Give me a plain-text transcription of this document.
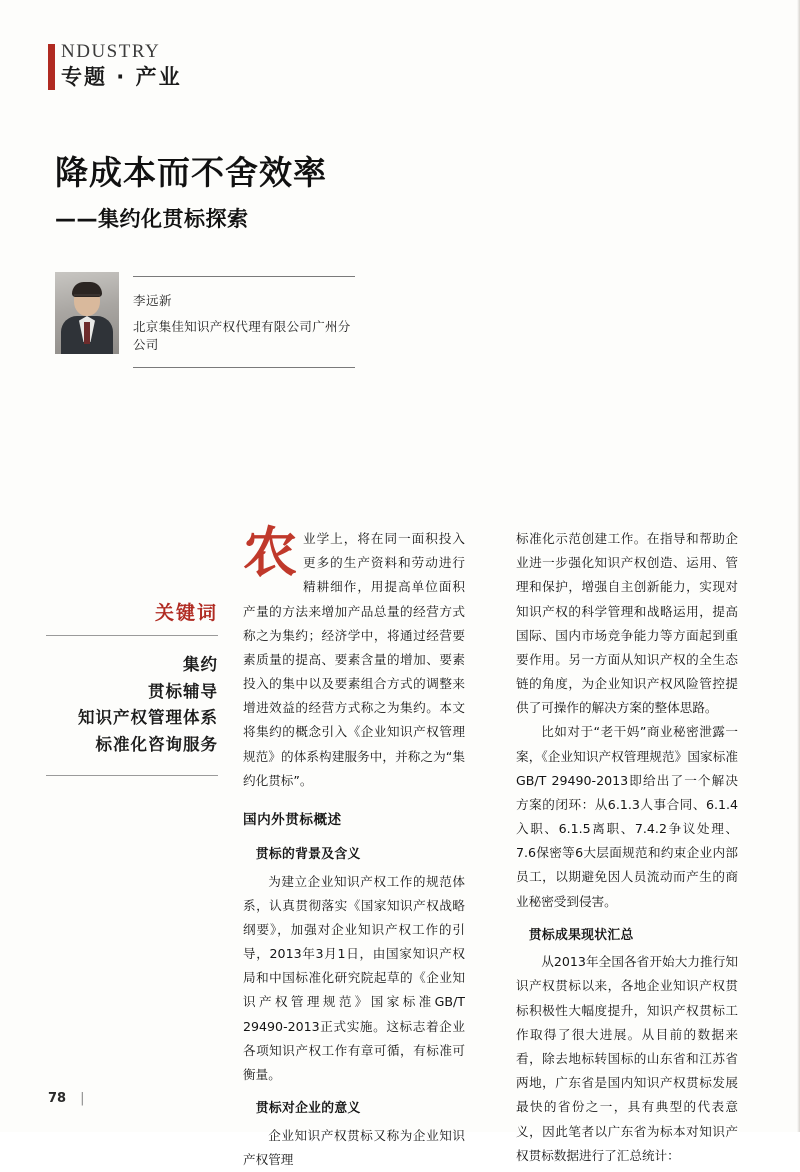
NDUSTRY
专题 · 产业
降成本而不舍效率
——集约化贯标探索
李远新
北京集佳知识产权代理有限公司广州分公司
关键词
集约
贯标辅导
知识产权管理体系
标准化咨询服务

农业学上，将在同一面积投入更多的生产资料和劳动进行精耕细作，用提高单位面积产量的方法来增加产品总量的经营方式称之为集约；经济学中，将通过经营要素质量的提高、要素含量的增加、要素投入的集中以及要素组合方式的调整来增进效益的经营方式称之为集约。本文将集约的概念引入《企业知识产权管理规范》的体系构建服务中，并称之为“集约化贯标”。

国内外贯标概述
贯标的背景及含义

为建立企业知识产权工作的规范体系，认真贯彻落实《国家知识产权战略纲要》，加强对企业知识产权工作的引导，2013年3月1日，由国家知识产权局和中国标准化研究院起草的《企业知识产权管理规范》国家标准GB/T 29490-2013正式实施。这标志着企业各项知识产权工作有章可循，有标准可衡量。

贯标对企业的意义

企业知识产权贯标又称为企业知识产权管理

标准化示范创建工作。在指导和帮助企业进一步强化知识产权创造、运用、管理和保护，增强自主创新能力，实现对知识产权的科学管理和战略运用，提高国际、国内市场竞争能力等方面起到重要作用。另一方面从知识产权的全生态链的角度，为企业知识产权风险管控提供了可操作的解决方案的整体思路。

比如对于“老干妈”商业秘密泄露一案，《企业知识产权管理规范》国家标准GB/T 29490-2013即给出了一个解决方案的闭环：从6.1.3人事合同、6.1.4入职、6.1.5离职、7.4.2争议处理、7.6保密等6大层面规范和约束企业内部员工，以期避免因人员流动而产生的商业秘密受到侵害。

贯标成果现状汇总

从2013年全国各省开始大力推行知识产权贯标以来，各地企业知识产权贯标积极性大幅度提升，知识产权贯标工作取得了很大进展。从目前的数据来看，除去地标转国标的山东省和江苏省两地，广东省是国内知识产权贯标发展最快的省份之一，具有典型的代表意义，因此笔者以广东省为标本对知识产权贯标数据进行了汇总统计：

78 |
